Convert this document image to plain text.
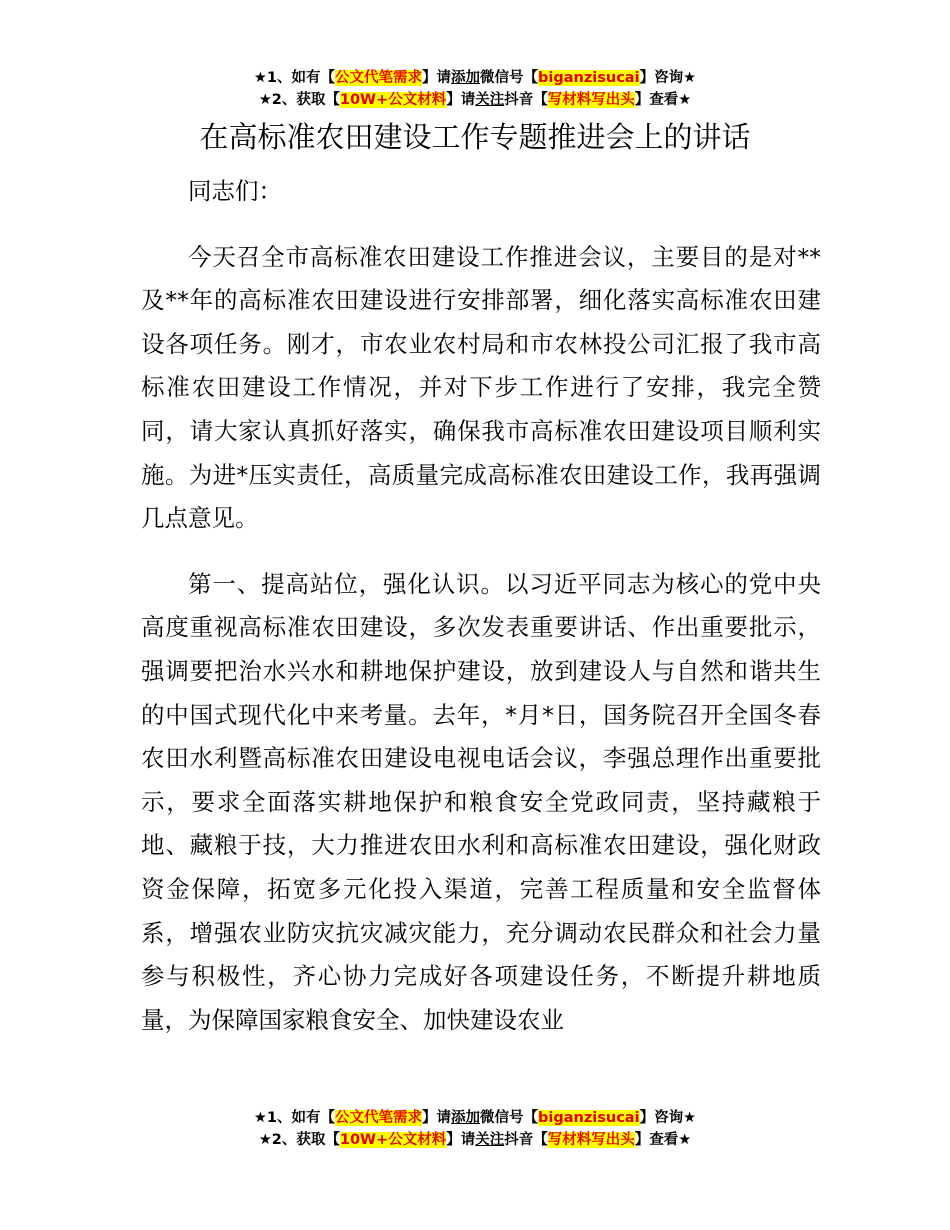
★1、如有【公文代笔需求】请添加微信号【biganzisucai】咨询★
★2、获取【10W+公文材料】请关注抖音【写材料写出头】查看★
在高标准农田建设工作专题推进会上的讲话

同志们：

今天召全市高标准农田建设工作推进会议，主要目的是对**及**年的高标准农田建设进行安排部署，细化落实高标准农田建设各项任务。刚才，市农业农村局和市农林投公司汇报了我市高标准农田建设工作情况，并对下步工作进行了安排，我完全赞同，请大家认真抓好落实，确保我市高标准农田建设项目顺利实施。为进*压实责任，高质量完成高标准农田建设工作，我再强调几点意见。

第一、提高站位，强化认识。以习近平同志为核心的党中央高度重视高标准农田建设，多次发表重要讲话、作出重要批示，强调要把治水兴水和耕地保护建设，放到建设人与自然和谐共生的中国式现代化中来考量。去年，*月*日，国务院召开全国冬春农田水利暨高标准农田建设电视电话会议，李强总理作出重要批示，要求全面落实耕地保护和粮食安全党政同责，坚持藏粮于地、藏粮于技，大力推进农田水利和高标准农田建设，强化财政资金保障，拓宽多元化投入渠道，完善工程质量和安全监督体系，增强农业防灾抗灾减灾能力，充分调动农民群众和社会力量参与积极性，齐心协力完成好各项建设任务，不断提升耕地质量，为保障国家粮食安全、加快建设农业

★1、如有【公文代笔需求】请添加微信号【biganzisucai】咨询★
★2、获取【10W+公文材料】请关注抖音【写材料写出头】查看★
